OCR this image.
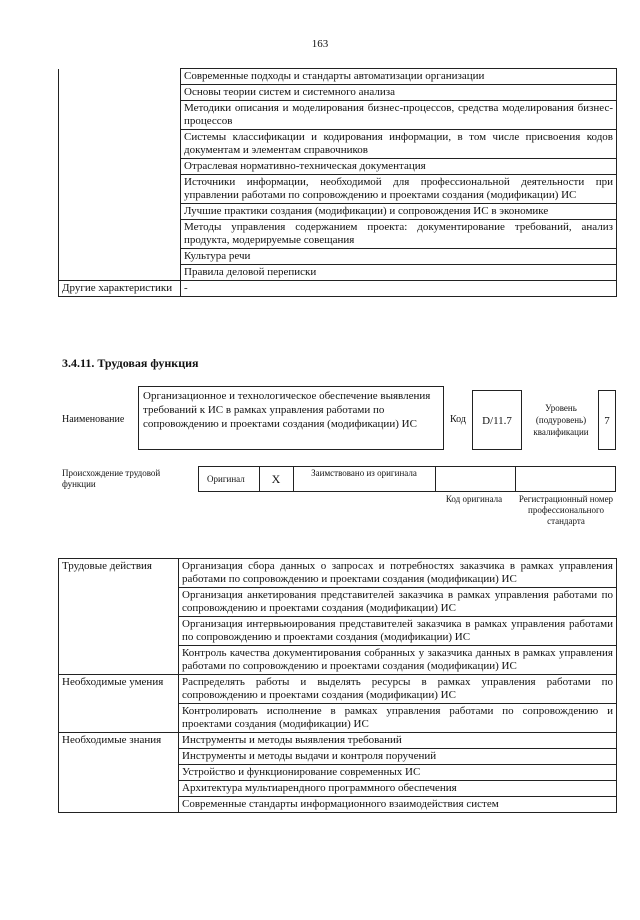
163
	Современные подходы и стандарты автоматизации организации
	Основы теории систем и системного анализа
	Методики описания и моделирования бизнес-процессов, средства моделирования бизнес-процессов
	Системы классификации и кодирования информации, в том числе присвоения кодов документам и элементам справочников
	Отраслевая нормативно-техническая документация
	Источники информации, необходимой для профессиональной деятельности при управлении работами по сопровождению и проектами создания (модификации) ИС
	Лучшие практики создания (модификации) и сопровождения ИС в экономике
	Методы управления содержанием проекта: документирование требований, анализ продукта, модерируемые совещания
	Культура речи
	Правила деловой переписки
Другие характеристики	-
3.4.11. Трудовая функция
Наименование
Организационное и технологическое обеспечение выявления требований к ИС в рамках управления работами по сопровождению и проектами создания (модификации) ИС	Код	D/11.7
Уровень (подуровень) квалификации
7
Происхождение трудовой функции	Оригинал	X	Заимствовано из оригинала
Код оригинала	Регистрационный номер профессионального стандарта
Трудовые действия	Организация сбора данных о запросах и потребностях заказчика в рамках управления работами по сопровождению и проектами создания (модификации) ИС
	Организация анкетирования представителей заказчика в рамках управления работами по сопровождению и проектами создания (модификации) ИС
	Организация интервьюирования представителей заказчика в рамках управления работами по сопровождению и проектами создания (модификации) ИС
	Контроль качества документирования собранных у заказчика данных в рамках управления работами по сопровождению и проектами создания (модификации) ИС
Необходимые умения	Распределять работы и выделять ресурсы в рамках управления работами по сопровождению и проектами создания (модификации) ИС
	Контролировать исполнение в рамках управления работами по сопровождению и проектами создания (модификации) ИС
Необходимые знания	Инструменты и методы выявления требований
	Инструменты и методы выдачи и контроля поручений
	Устройство и функционирование современных ИС
	Архитектура мультиарендного программного обеспечения
	Современные стандарты информационного взаимодействия систем
